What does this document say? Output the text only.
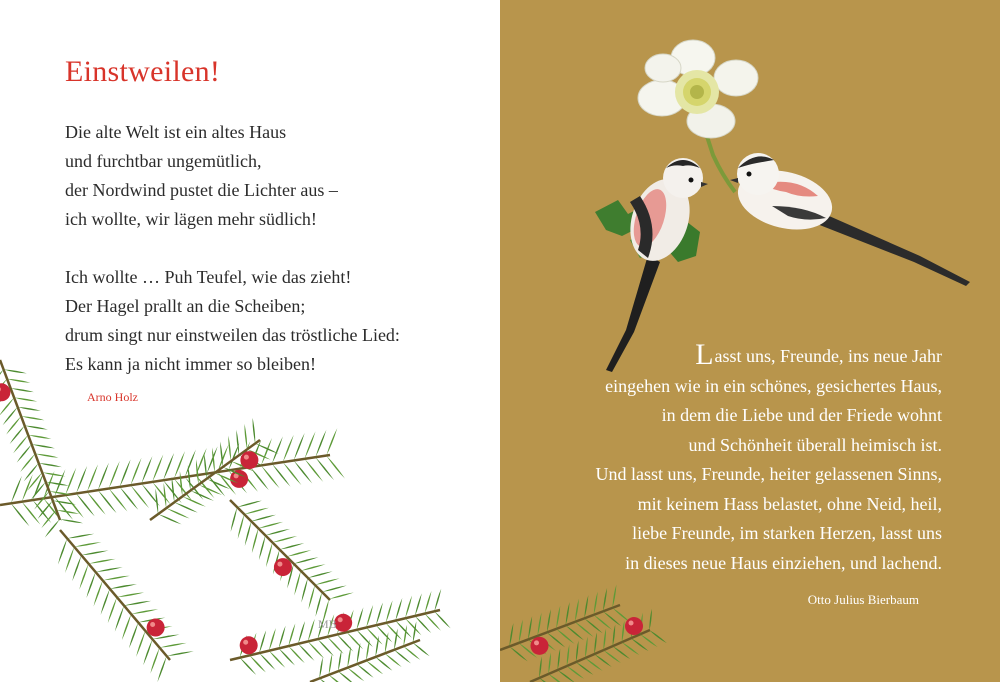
Einstweilen!
Die alte Welt ist ein altes Haus
und furchtbar ungemütlich,
der Nordwind pustet die Lichter aus –
ich wollte, wir lägen mehr südlich!
Ich wollte … Puh Teufel, wie das zieht!
Der Hagel prallt an die Scheiben;
drum singt nur einstweilen das tröstliche Lied:
Es kann ja nicht immer so bleiben!
Arno Holz
MB
Lasst uns, Freunde, ins neue Jahr
eingehen wie in ein schönes, gesichertes Haus,
in dem die Liebe und der Friede wohnt
und Schönheit überall heimisch ist.
Und lasst uns, Freunde, heiter gelassenen Sinns,
mit keinem Hass belastet, ohne Neid, heil,
liebe Freunde, im starken Herzen, lasst uns
in dieses neue Haus einziehen, und lachend.
Otto Julius Bierbaum
